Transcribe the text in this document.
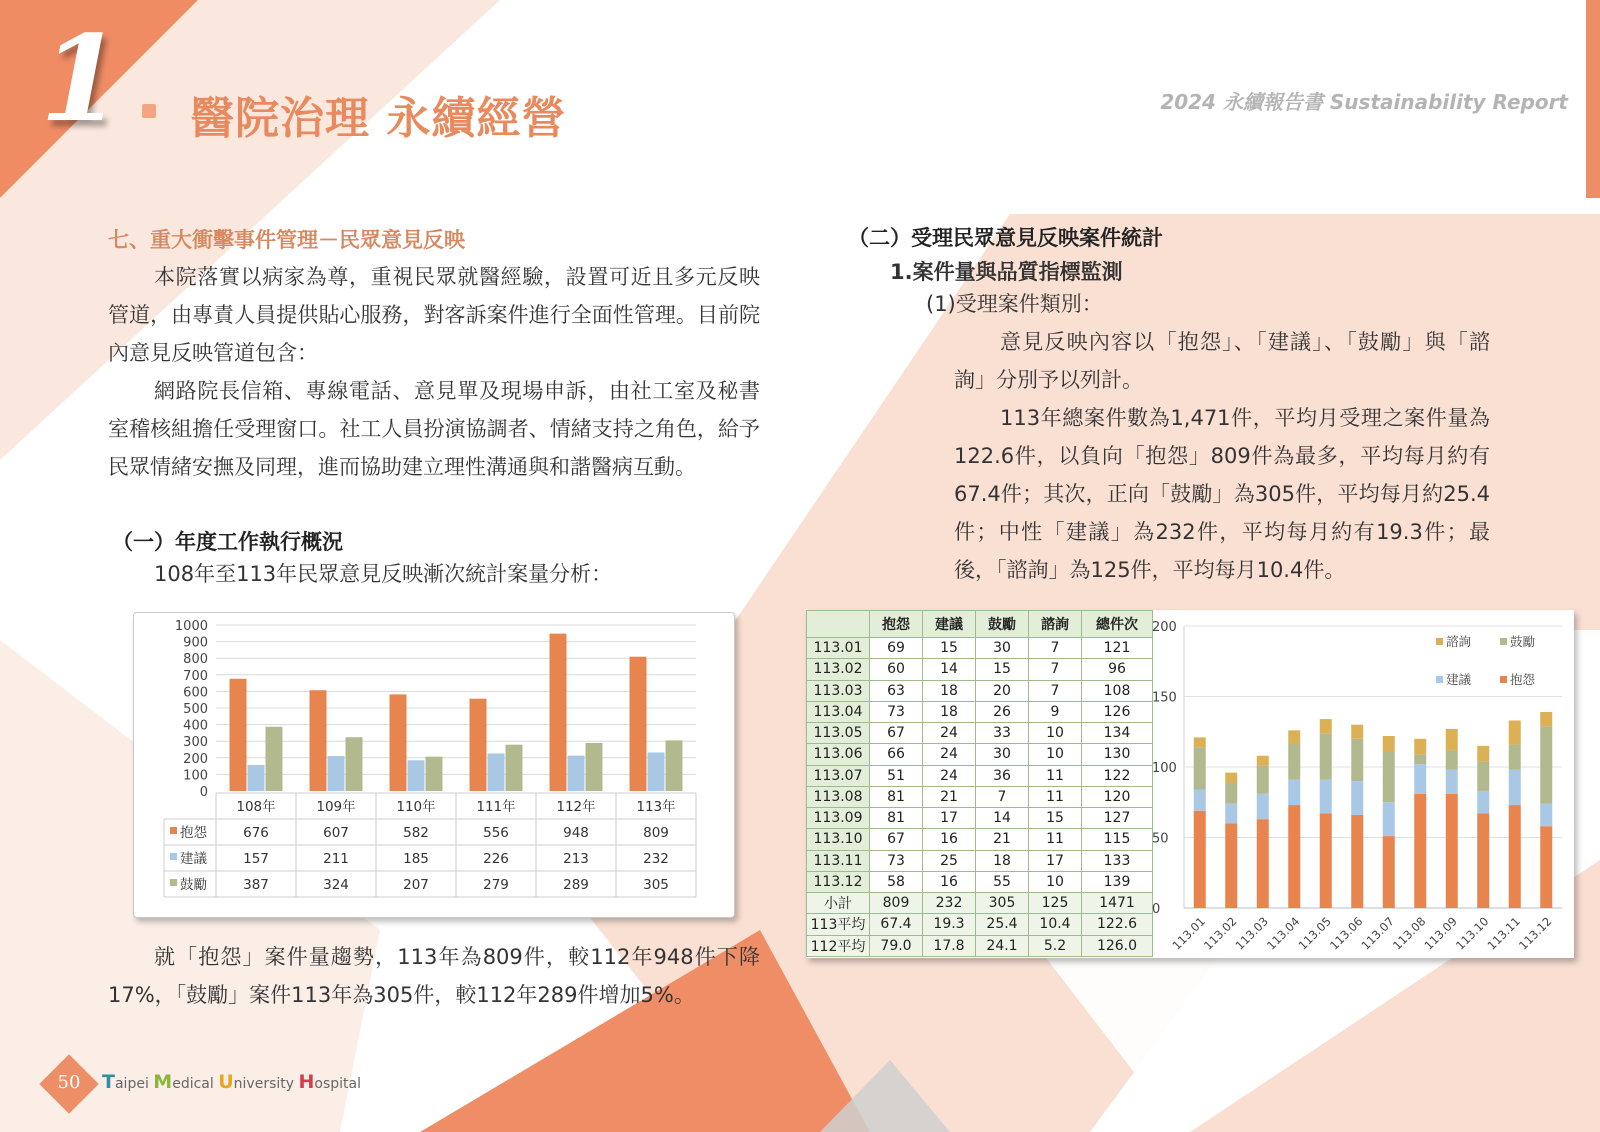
1 醫院治理 永續經營	2024 永續報告書 Sustainability Report
七、重大衝擊事件管理－民眾意見反映
本院落實以病家為尊，重視民眾就醫經驗，設置可近且多元反映管道，由專責人員提供貼心服務，對客訴案件進行全面性管理。目前院內意見反映管道包含：
網路院長信箱、專線電話、意見單及現場申訴，由社工室及秘書室稽核組擔任受理窗口。社工人員扮演協調者、情緒支持之角色，給予民眾情緒安撫及同理，進而協助建立理性溝通與和諧醫病互動。
（一）年度工作執行概況
108年至113年民眾意見反映漸次統計案量分析：
0
100
200
300
400
500
600
700
800
900
1000
108年	109年	110年	111年	112年	113年
抱怨	676	607	582	556	948	809
建議	157	211	185	226	213	232
鼓勵	387	324	207	279	289	305
就「抱怨」案件量趨勢，113年為809件，較112年948件下降17%，「鼓勵」案件113年為305件，較112年289件增加5%。
（二）受理民眾意見反映案件統計
1.案件量與品質指標監測
(1)受理案件類別：
意見反映內容以「抱怨」、「建議」、「鼓勵」與「諮詢」分別予以列計。
113年總案件數為1,471件，平均月受理之案件量為122.6件，以負向「抱怨」809件為最多，平均每月約有67.4件；其次，正向「鼓勵」為305件，平均每月約25.4件；中性「建議」為232件，平均每月約有19.3件；最後，「諮詢」為125件，平均每月10.4件。
	抱怨	建議	鼓勵	諮詢	總件次
113.01	69	15	30	7	121
113.02	60	14	15	7	96
113.03	63	18	20	7	108
113.04	73	18	26	9	126
113.05	67	24	33	10	134
113.06	66	24	30	10	130
113.07	51	24	36	11	122
113.08	81	21	7	11	120
113.09	81	17	14	15	127
113.10	67	16	21	11	115
113.11	73	25	18	17	133
113.12	58	16	55	10	139
小計	809	232	305	125	1471
113平均	67.4	19.3	25.4	10.4	122.6
112平均	79.0	17.8	24.1	5.2	126.0
0
50
100
150
200
113.01
113.02
113.03
113.04
113.05
113.06
113.07
113.08
113.09
113.10
113.11
113.12
諮詢	鼓勵
建議	抱怨
50	Taipei Medical University Hospital
